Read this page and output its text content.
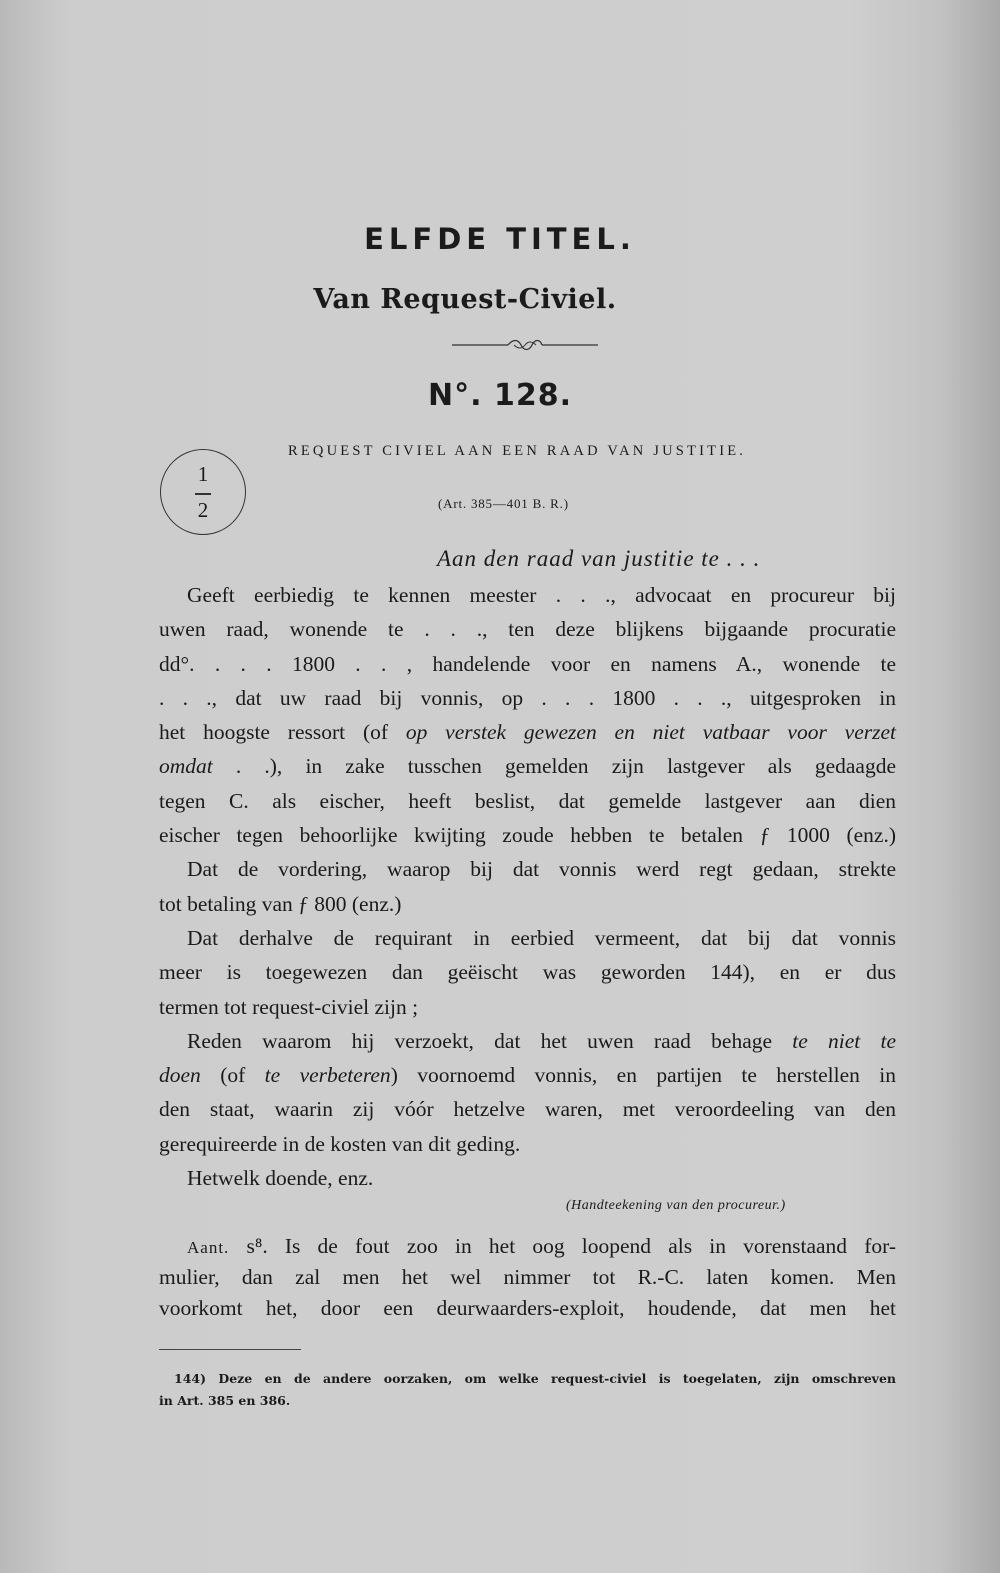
ELFDE TITEL.
Van Request-Civiel.
N°. 128.
REQUEST CIVIEL AAN EEN RAAD VAN JUSTITIE.
1
2	(Art. 385—401 B. R.)
Aan den raad van justitie te . . .
Geeft eerbiedig te kennen meester . . ., advocaat en procureur bij
uwen raad, wonende te . . ., ten deze blijkens bijgaande procuratie
dd°. . . . 1800 . . , handelende voor en namens A., wonende te
. . ., dat uw raad bij vonnis, op . . . 1800 . . ., uitgesproken in
het hoogste ressort (of op verstek gewezen en niet vatbaar voor verzet
omdat . .), in zake tusschen gemelden zijn lastgever als gedaagde
tegen C. als eischer, heeft beslist, dat gemelde lastgever aan dien
eischer tegen behoorlijke kwijting zoude hebben te betalen ƒ 1000 (enz.)
Dat de vordering, waarop bij dat vonnis werd regt gedaan, strekte
tot betaling van ƒ 800 (enz.)
Dat derhalve de requirant in eerbied vermeent, dat bij dat vonnis
meer is toegewezen dan geëischt was geworden 144), en er dus
termen tot request-civiel zijn ;
Reden waarom hij verzoekt, dat het uwen raad behage te niet te
doen (of te verbeteren) voornoemd vonnis, en partijen te herstellen in
den staat, waarin zij vóór hetzelve waren, met veroordeeling van den
gerequireerde in de kosten van dit geding.
Hetwelk doende, enz.
(Handteekening van den procureur.)
Aant. s⁸. Is de fout zoo in het oog loopend als in vorenstaand for-
mulier, dan zal men het wel nimmer tot R.-C. laten komen. Men
voorkomt het, door een deurwaarders-exploit, houdende, dat men het
144) Deze en de andere oorzaken, om welke request-civiel is toegelaten, zijn omschreven
in Art. 385 en 386.
